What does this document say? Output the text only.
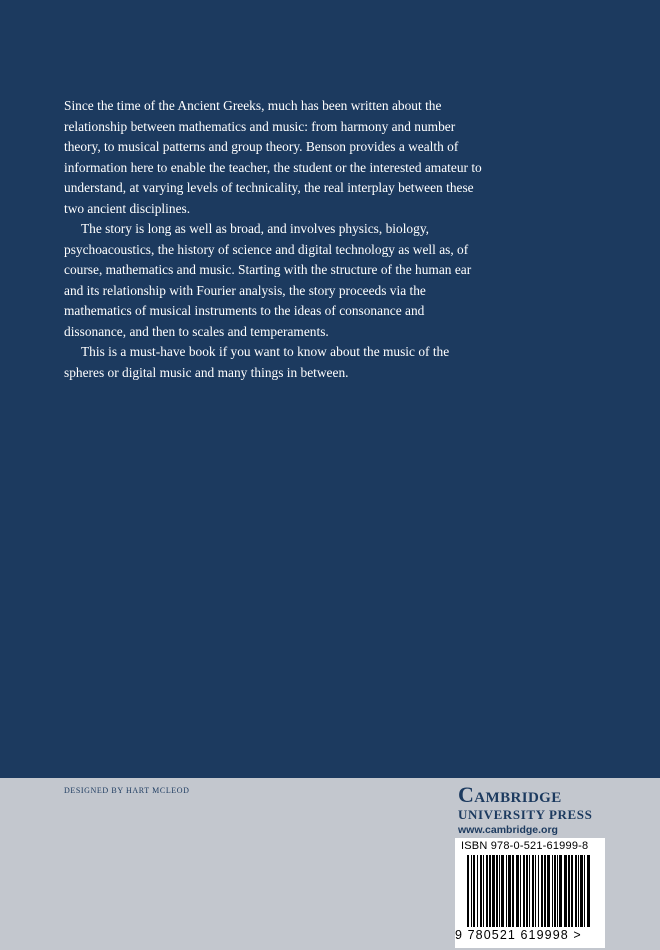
Since the time of the Ancient Greeks, much has been written about the relationship between mathematics and music: from harmony and number theory, to musical patterns and group theory. Benson provides a wealth of information here to enable the teacher, the student or the interested amateur to understand, at varying levels of technicality, the real interplay between these two ancient disciplines.

The story is long as well as broad, and involves physics, biology, psychoacoustics, the history of science and digital technology as well as, of course, mathematics and music. Starting with the structure of the human ear and its relationship with Fourier analysis, the story proceeds via the mathematics of musical instruments to the ideas of consonance and dissonance, and then to scales and temperaments.

This is a must-have book if you want to know about the music of the spheres or digital music and many things in between.

DESIGNED BY HART MCLEOD	Cambridge
UNIVERSITY PRESS
www.cambridge.org
ISBN 978-0-521-61999-8
9 780521 619998 >
